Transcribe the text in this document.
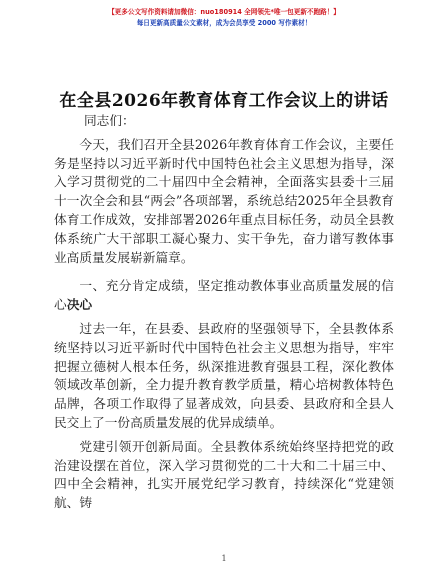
【更多公文写作资料请加微信：nuo180914 全网领先*唯一包更新不跑路！】
每日更新高质量公文素材，成为会员享受 2000 写作素材！
在全县2026年教育体育工作会议上的讲话

同志们：

今天，我们召开全县2026年教育体育工作会议，主要任务是坚持以习近平新时代中国特色社会主义思想为指导，深入学习贯彻党的二十届四中全会精神，全面落实县委十三届十一次全会和县“两会”各项部署，系统总结2025年全县教育体育工作成效，安排部署2026年重点目标任务，动员全县教体系统广大干部职工凝心聚力、实干争先，奋力谱写教体事业高质量发展崭新篇章。

一、充分肯定成绩，坚定推动教体事业高质量发展的信心决心

过去一年，在县委、县政府的坚强领导下，全县教体系统坚持以习近平新时代中国特色社会主义思想为指导，牢牢把握立德树人根本任务，纵深推进教育强县工程，深化教体领域改革创新，全力提升教育教学质量，精心培树教体特色品牌，各项工作取得了显著成效，向县委、县政府和全县人民交上了一份高质量发展的优异成绩单。

党建引领开创新局面。全县教体系统始终坚持把党的政治建设摆在首位，深入学习贯彻党的二十大和二十届三中、四中全会精神，扎实开展党纪学习教育，持续深化“党建领航、铸

1
